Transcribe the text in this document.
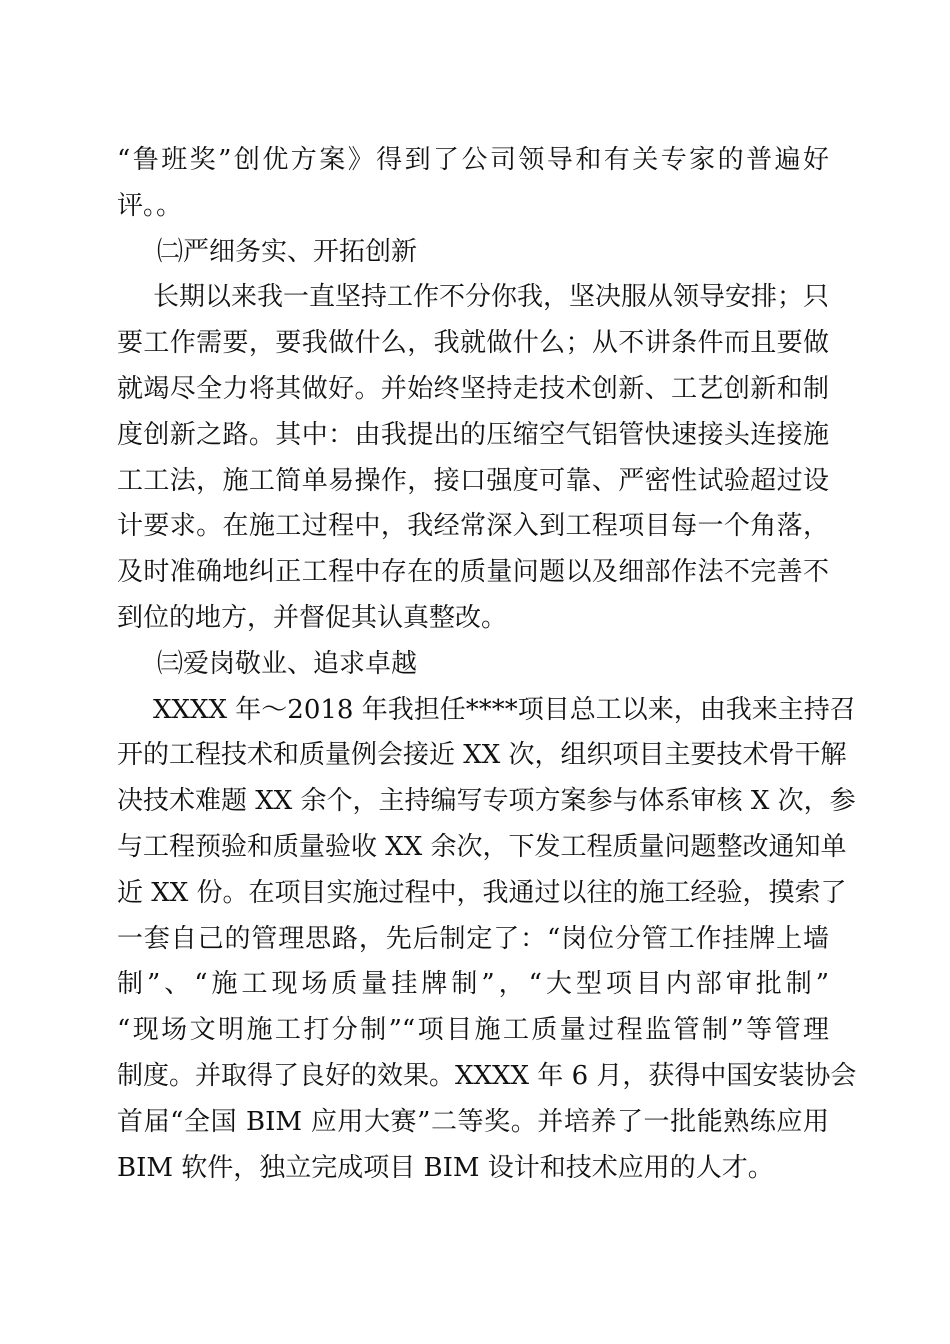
“鲁班奖”创优方案》得到了公司领导和有关专家的普遍好
评。。
㈡严细务实、开拓创新
长期以来我一直坚持工作不分你我，坚决服从领导安排；只
要工作需要，要我做什么，我就做什么；从不讲条件而且要做
就竭尽全力将其做好。并始终坚持走技术创新、工艺创新和制
度创新之路。其中：由我提出的压缩空气铝管快速接头连接施
工工法，施工简单易操作，接口强度可靠、严密性试验超过设
计要求。在施工过程中，我经常深入到工程项目每一个角落，
及时准确地纠正工程中存在的质量问题以及细部作法不完善不
到位的地方，并督促其认真整改。
㈢爱岗敬业、追求卓越
XXXX 年～2018 年我担任****项目总工以来，由我来主持召
开的工程技术和质量例会接近 XX 次，组织项目主要技术骨干解
决技术难题 XX 余个，主持编写专项方案参与体系审核 X 次，参
与工程预验和质量验收 XX 余次，下发工程质量问题整改通知单
近 XX 份。在项目实施过程中，我通过以往的施工经验，摸索了
一套自己的管理思路，先后制定了：“岗位分管工作挂牌上墙
制”、“施工现场质量挂牌制”，“大型项目内部审批制”
“现场文明施工打分制”“项目施工质量过程监管制”等管理
制度。并取得了良好的效果。XXXX 年 6 月，获得中国安装协会
首届“全国 BIM 应用大赛”二等奖。并培养了一批能熟练应用
BIM 软件，独立完成项目 BIM 设计和技术应用的人才。
